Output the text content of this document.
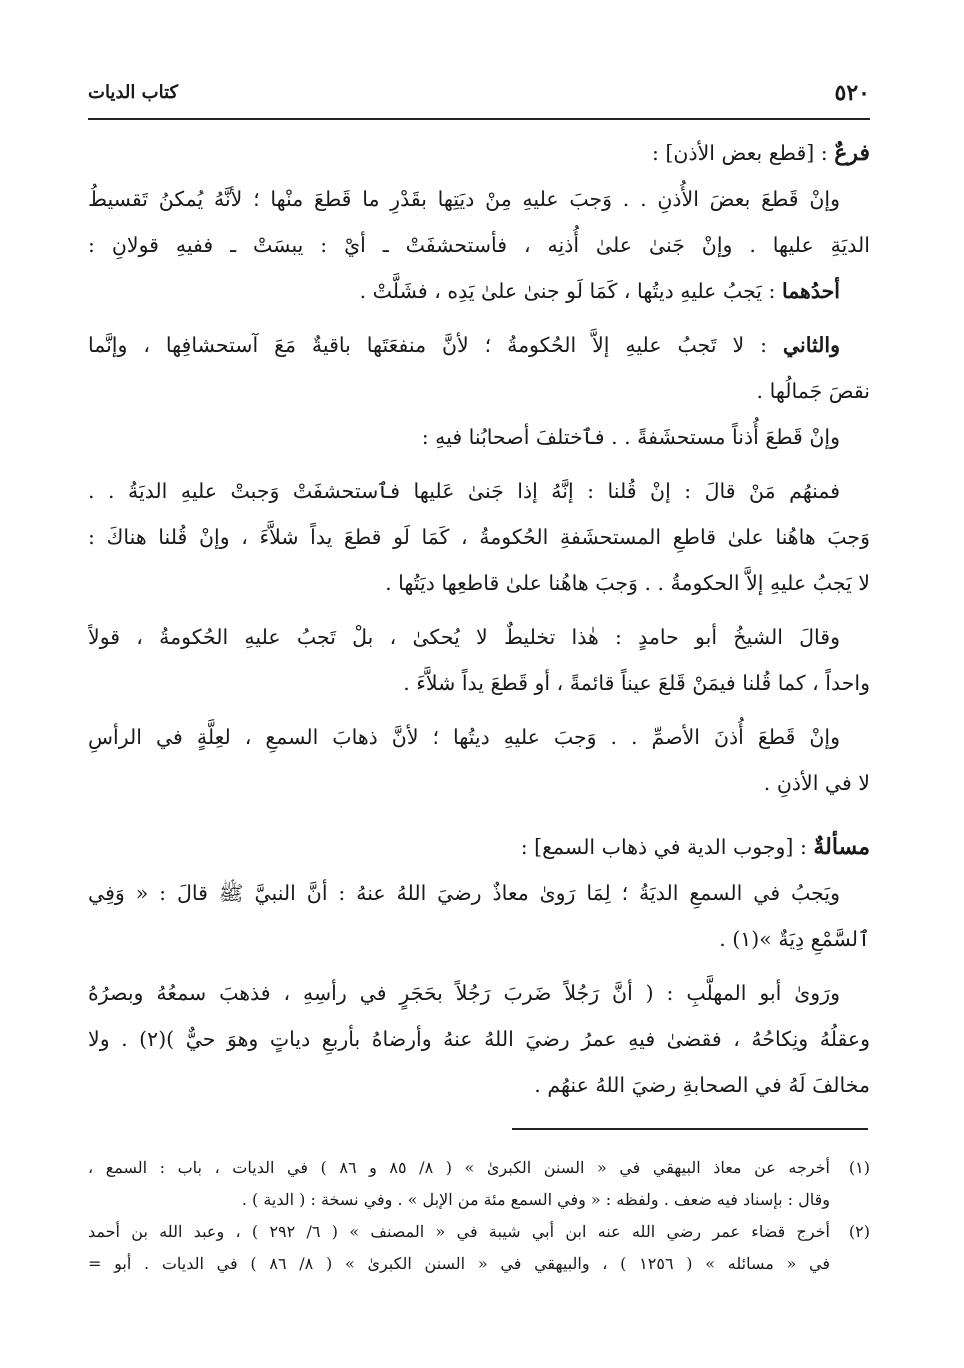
٥٢٠
كتاب الديات
فرعٌ : [قطع بعض الأذن] :
وإنْ قَطعَ بعضَ الأُذنِ . . وَجبَ عليهِ مِنْ ديَتِها بقَدْرِ ما قَطعَ منْها ؛ لأنَّهُ يُمكنُ تَقسيطُ
الديَةِ عليها . وإنْ جَنىٰ علىٰ أُذنِه ، فأستحشفَتْ ـ أيْ : يبسَتْ ـ ففيهِ قولانِ :
أحدُهما : يَجبُ عليهِ ديتُها ، كَمَا لَو جنىٰ علىٰ يَدِه ، فشَلَّتْ .
والثاني : لا تَجبُ عليهِ إلاَّ الحُكومةُ ؛ لأنَّ منفعَتَها باقيةٌ مَعَ آستحشافِها ، وإنَّما
نقصَ جَمالُها .
وإنْ قَطعَ أُذناً مستحشَفةً . . فٱختلفَ أصحابُنا فيهِ :
فمنهُم مَنْ قالَ : إنْ قُلنا : إنَّهُ إذا جَنىٰ عَليها فٱستحشفَتْ وَجبتْ عليهِ الديَةُ . .
وَجبَ هاهُنا علىٰ قاطعِ المستحشَفةِ الحُكومةُ ، كَمَا لَو قطعَ يداً شلاَّءَ ، وإنْ قُلنا هناكَ :
لا يَجبُ عليهِ إلاَّ الحكومةُ . . وَجبَ هاهُنا علىٰ قاطعِها ديَتُها .
وقالَ الشيخُ أبو حامدٍ : هٰذا تخليطٌ لا يُحكىٰ ، بلْ تَجبُ عليهِ الحُكومةُ ، قولاً
واحداً ، كما قُلنا فيمَنْ قَلعَ عيناً قائمةً ، أو قَطعَ يداً شلاَّءَ .
وإنْ قَطعَ أُذنَ الأصمِّ . . وَجبَ عليهِ ديتُها ؛ لأنَّ ذهابَ السمعِ ، لعِلَّةٍ في الرأسِ
لا في الأذنِ .
مسألةٌ : [وجوب الدية في ذهاب السمع] :
ويَجبُ في السمعِ الديَةُ ؛ لِمَا رَوىٰ معاذٌ رضيَ اللهُ عنهُ : أنَّ النبيَّ ﷺ قالَ : « وَفِي
ٱلسَّمْعِ دِيَةٌ »(١) .
ورَوىٰ أبو المهلَّبِ : ( أنَّ رَجُلاً ضَربَ رَجُلاً بحَجَرٍ في رأسِهِ ، فذهبَ سمعُهُ وبصرُهُ
وعقلُهُ ونِكاحُهُ ، فقضىٰ فيهِ عمرُ رضيَ اللهُ عنهُ وأرضاهُ بأربعِ دياتٍ وهوَ حيٌّ )(٢) . ولا
مخالفَ لَهُ في الصحابةِ رضيَ اللهُ عنهُم .
(١)
أخرجه عن معاذ البيهقي في « السنن الكبرىٰ » ( ٨/ ٨٥ و ٨٦ ) في الديات ، باب : السمع ،
وقال : بإسناد فيه ضعف . ولفظه : « وفي السمع مئة من الإبل » . وفي نسخة : ( الدية ) .
(٢)
أخرج قضاء عمر رضي الله عنه ابن أبي شيبة في « المصنف » ( ٦/ ٢٩٢ ) ، وعبد الله بن أحمد
في « مسائله » ( ١٢٥٦ ) ، والبيهقي في « السنن الكبرىٰ » ( ٨/ ٨٦ ) في الديات . أبو =
